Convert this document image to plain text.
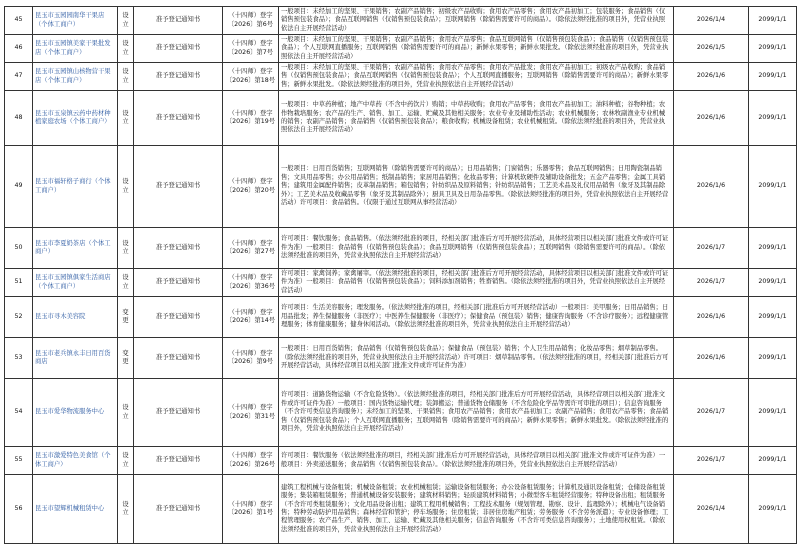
45	昆玉市玉园园南华干果店（个体工商户）	设立	准予登记通知书	（十四师）登字〔2026〕第6号	一般项目：未经加工的坚果、干果销售；农副产品销售；初级农产品收购；食用农产品零售；食用农产品初加工；包装服务；食品销售（仅销售预包装食品）；食品互联网销售（仅销售预包装食品）；互联网销售（除销售需要许可的商品）。（除依法须经批准的项目外，凭营业执照依法自主开展经营活动）	2026/1/4	2099/1/1
46	昆玉市玉园镇美家干果批发店（个体工商户）	设立	准予登记通知书	（十四师）登字〔2026〕第7号	一般项目：未经加工的坚果、干果销售；农副产品销售；食用农产品零售；食品互联网销售（仅销售预包装食品）；食品销售（仅销售预包装食品）；个人互联网直播服务；互联网销售（除销售需要许可的商品）；新鲜水果零售；新鲜水果批发。（除依法须经批准的项目外，凭营业执照依法自主开展经营活动）	2026/1/5	2099/1/1
47	昆玉市玉园镇山核物营干果店（个体工商户）	设立	准予登记通知书	（十四师）登字〔2026〕第18号	一般项目：未经加工的坚果、干果销售；农副产品销售；食用农产品零售；食用农产品批发；食用农产品初加工；初级农产品收购；食品销售（仅销售预包装食品）；食品互联网销售（仅销售预包装食品）；个人互联网直播服务；互联网销售（除销售需要许可的商品）；新鲜水果零售；新鲜水果批发。（除依法须经批准的项目外，凭营业执照依法自主开展经营活动）	2026/1/6	2099/1/1
48	昆玉市玉泉镇云药中药材种植家庭农场（个体工商户）	设立	准予登记通知书	（十四师）登字〔2026〕第19号	一般项目：中草药种植；地产中草药（不含中药饮片）购销；中草药收购；食用农产品零售；食用农产品初加工；油料种植；谷物种植；农作物栽培服务；农产品的生产、销售、加工、运输、贮藏及其他相关服务；农业专业及辅助性活动；农业机械服务；农林牧副渔业专业机械的销售；农副产品销售；食品销售（仅销售预包装食品）；粮食收购；机械设备租赁；农业机械租赁。（除依法须经批准的项目外，凭营业执照依法自主开展经营活动）	2026/1/6	2099/1/1
49	昆玉市福轩格子商行（个体工商户）	设立	准予登记通知书	（十四师）登字〔2026〕第20号	一般项目：日用百货销售；互联网销售（除销售需要许可的商品）；日用品销售；门窗销售；乐器零售；食品互联网销售；日用陶瓷制品销售；文具用品零售；办公用品销售；纸制品销售；家居用品销售；化妆品零售；计算机软硬件及辅助设备批发；五金产品零售；金属工具销售；建筑用金属配件销售；皮革制品销售；箱包销售；针纺织品及原料销售；针纺织品销售；工艺美术品及礼仪用品销售（象牙及其制品除外）；工艺美术品及收藏品零售（象牙及其制品除外）；厨具卫具及日用杂品零售。（除依法须经批准的项目外，凭营业执照依法自主开展经营活动）许可项目：食品销售。（仅限于通过互联网从事经营活动）	2026/1/6	2099/1/1
50	昆玉市李夏奶茶店（个体工商户）	设立	准予登记通知书	（十四师）登字〔2026〕第27号	许可项目：餐饮服务；食品销售。（依法须经批准的项目，经相关部门批准后方可开展经营活动，具体经营项目以相关部门批准文件或许可证件为准）一般项目：食品销售（仅销售预包装食品）；食品互联网销售（仅销售预包装食品）；互联网销售（除销售需要许可的商品）。（除依法须经批准的项目外，凭营业执照依法自主开展经营活动）	2026/1/7	2099/1/1
51	昆玉市玉园镇俱家生活商店（个体工商户）	设立	准予登记通知书	（十四师）登字〔2026〕第36号	许可项目：家禽饲养；家禽屠宰。（依法须经批准的项目，经相关部门批准后方可开展经营活动，具体经营项目以相关部门批准文件或许可证件为准）一般项目：食品销售（仅销售预包装食品）；饲料添加剂销售；牲畜销售。（除依法须经批准的项目外，凭营业执照依法自主开展经营活动）	2026/1/7	2099/1/1
52	昆玉市寻木美容院	变更	准予登记通知书	（十四师）登字〔2026〕第14号	许可项目：生活美容服务；理发服务。（依法须经批准的项目，经相关部门批准后方可开展经营活动）一般项目：美甲服务；日用品销售；日用品批发；养生保健服务（非医疗）；中医养生保健服务（非医疗）；保健食品（预包装）销售；健康咨询服务（不含诊疗服务）；远程健康管理服务；体育健康服务；健身休闲活动。（除依法须经批准的项目外，凭营业执照依法自主开展经营活动）	2026/1/6	2099/1/1
53	昆玉市老兵镇永丰日用百货商店	变更	准予登记通知书	（十四师）登字〔2026〕第9号	一般项目：日用百货销售；食品销售（仅销售预包装食品）；保健食品（预包装）销售；个人卫生用品销售；化妆品零售；烟草制品零售。（除依法须经批准的项目外，凭营业执照依法自主开展经营活动）许可项目：烟草制品零售。（依法须经批准的项目，经相关部门批准后方可开展经营活动，具体经营项目以相关部门批准文件或许可证件为准）	2026/1/6	2099/1/1
54	昆玉市爱华物流服务中心	设立	准予登记通知书	（十四师）登字〔2026〕第31号	许可项目：道路货物运输（不含危险货物）。（依法须经批准的项目，经相关部门批准后方可开展经营活动，具体经营项目以相关部门批准文件或许可证件为准）一般项目：国内货物运输代理；装卸搬运；普通货物仓储服务（不含危险化学品等需许可审批的项目）；信息咨询服务（不含许可类信息咨询服务）；未经加工的坚果、干果销售；食用农产品销售；食用农产品初加工；农副产品销售；食用农产品零售；食品销售（仅销售预包装食品）；个人互联网直播服务；互联网销售（除销售需要许可的商品）；新鲜水果零售；新鲜水果批发。（除依法须经批准的项目外，凭营业执照依法自主开展经营活动）	2026/1/7	2099/1/1
55	昆玉市激爱特色美食馆（个体工商户）	设立	准予登记通知书	（十四师）登字〔2026〕第26号	许可项目：餐饮服务（依法须经批准的项目，经相关部门批准后方可开展经营活动，具体经营项目以相关部门批准文件或许可证件为准）一般项目：外卖递送服务；食品销售（仅销售预包装食品）。（除依法须经批准的项目外，凭营业执照依法自主开展经营活动）	2026/1/7	2099/1/1
56	昆玉市望辉机械租赁中心	设立	准予登记通知书	（十四师）登字〔2026〕第1号	建筑工程机械与设备租赁；机械设备租赁；农业机械租赁；运输设备租赁服务；办公设备租赁服务；计算机及通讯设备租赁；仓储设备租赁服务；集装箱租赁服务；普通机械设备安装服务；建筑材料销售；轻质建筑材料销售；小微型客车租赁经营服务；特种设备出租；租赁服务（不含许可类租赁服务）；文化用品设备出租；建筑工程用机械销售；工程技术服务（规划管理、勘察、设计、监理除外）；机械电气设备销售；特种劳动防护用品销售；森林经营和管护；停车场服务；住房租赁；非居住房地产租赁；劳务服务（不含劳务派遣）；专业设备修理；工程管理服务；农产品生产、销售、加工、运输、贮藏及其他相关服务；信息咨询服务（不含许可类信息咨询服务）；土地使用权租赁。（除依法须经批准的项目外，凭营业执照依法自主开展经营活动）	2026/1/4	2099/1/1
